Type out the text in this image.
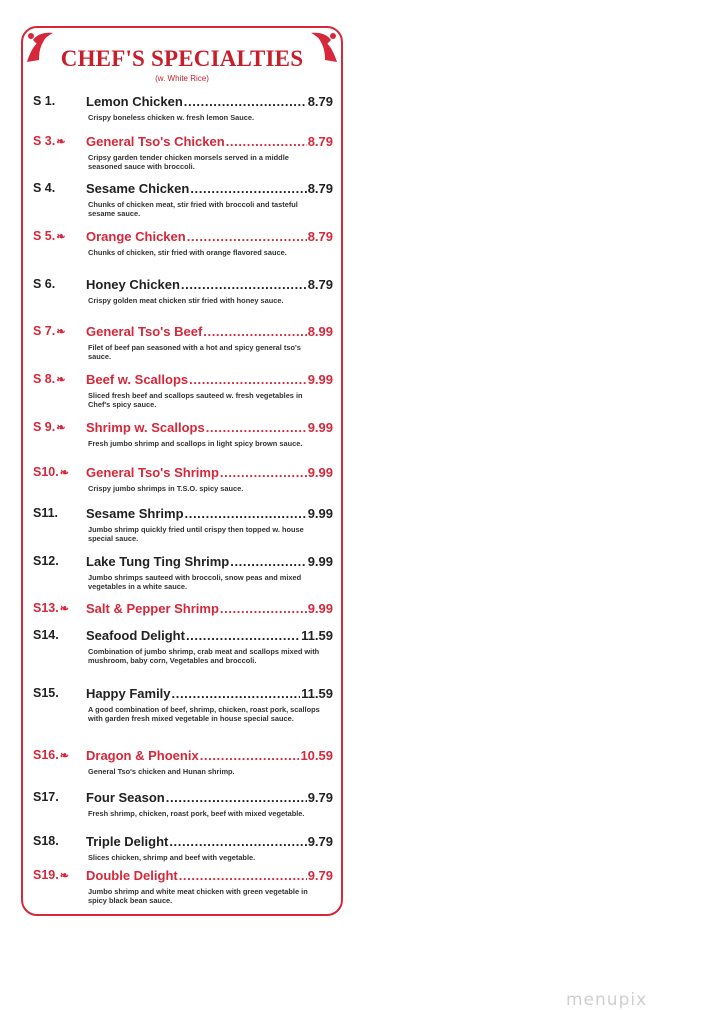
CHEF'S SPECIALTIES
(w. White Rice)
S 1.	Lemon Chicken .....	8.79
Crispy boneless chicken w. fresh lemon Sauce.
S 3.❧	General Tso's Chicken .....	8.79
Cripsy garden tender chicken morsels served in a middle seasoned sauce with broccoli.
S 4.	Sesame Chicken .....	8.79
Chunks of chicken meat, stir fried with broccoli and tasteful sesame sauce.
S 5.❧	Orange Chicken .....	8.79
Chunks of chicken, stir fried with orange flavored sauce.
S 6.	Honey Chicken .....	8.79
Crispy golden meat chicken stir fried with honey sauce.
S 7.❧	General Tso's Beef .....	8.99
Filet of beef pan seasoned with a hot and spicy general tso's sauce.
S 8.❧	Beef w. Scallops .....	9.99
Sliced fresh beef and scallops sauteed w. fresh vegetables in Chef's spicy sauce.
S 9.❧	Shrimp w. Scallops .....	9.99
Fresh jumbo shrimp and scallops in light spicy brown sauce.
S10.❧	General Tso's Shrimp .....	9.99
Crispy jumbo shrimps in T.S.O. spicy sauce.
S11.	Sesame Shrimp .....	9.99
Jumbo shrimp quickly fried until crispy then topped w. house special sauce.
S12.	Lake Tung Ting Shrimp .....	9.99
Jumbo shrimps sauteed with broccoli, snow peas and mixed vegetables in a white sauce.
S13.❧	Salt & Pepper Shrimp .....	9.99
S14.	Seafood Delight .....	11.59
Combination of jumbo shrimp, crab meat and scallops mixed with mushroom, baby corn, Vegetables and broccoli.
S15.	Happy Family .....	11.59
A good combination of beef, shrimp, chicken, roast pork, scallops with garden fresh mixed vegetable in house special sauce.
S16.❧	Dragon & Phoenix .....	10.59
General Tso's chicken and Hunan shrimp.
S17.	Four Season .....	9.79
Fresh shrimp, chicken, roast pork, beef with mixed vegetable.
S18.	Triple Delight .....	9.79
Slices chicken, shrimp and beef with vegetable.
S19.❧	Double Delight .....	9.79
Jumbo shrimp and white meat chicken with green vegetable in spicy black bean sauce.
menupix
